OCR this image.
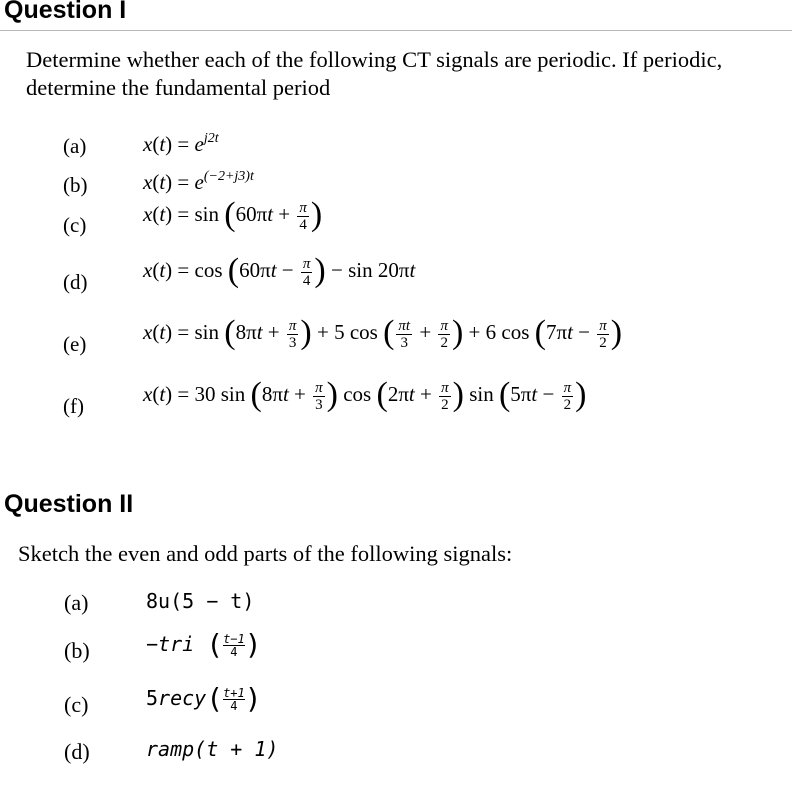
Question I
Determine whether each of the following CT signals are periodic. If periodic, determine the fundamental period
(a)	$x(t) = e^{j2t}$
(b)	$x(t) = e^{(-2+j3)t}$
(c)	$x(t) = \sin (60\pi t + \frac{\pi}{4}$ )
(d)	$x(t) = \cos (60\pi t - \frac{\pi}{4}$ ) − sin 20πt
(e)	$x(t) = \sin (8\pi t + \frac{\pi}{3}$ ) + 5 cos ( $\frac{\pi t}{3} + \frac{\pi}{2}$ ) + 6 $\cos (7\pi t - \frac{\pi}{2}$ )
(f)	x(t) = 30 $\sin (8\pi t + \frac{\pi}{3}$ ) $\cos (2\pi t + \frac{\pi}{2}$ ) $\sin (5\pi t - \frac{\pi}{2}$ )
Question II
Sketch the even and odd parts of the following signals:
(a)	8u(5 − t)
(b)	−tri ( $\frac{t-1}{4}$ )
(c)	5recy( $\frac{t+1}{4}$ )
(d)	ramp(t + 1)
